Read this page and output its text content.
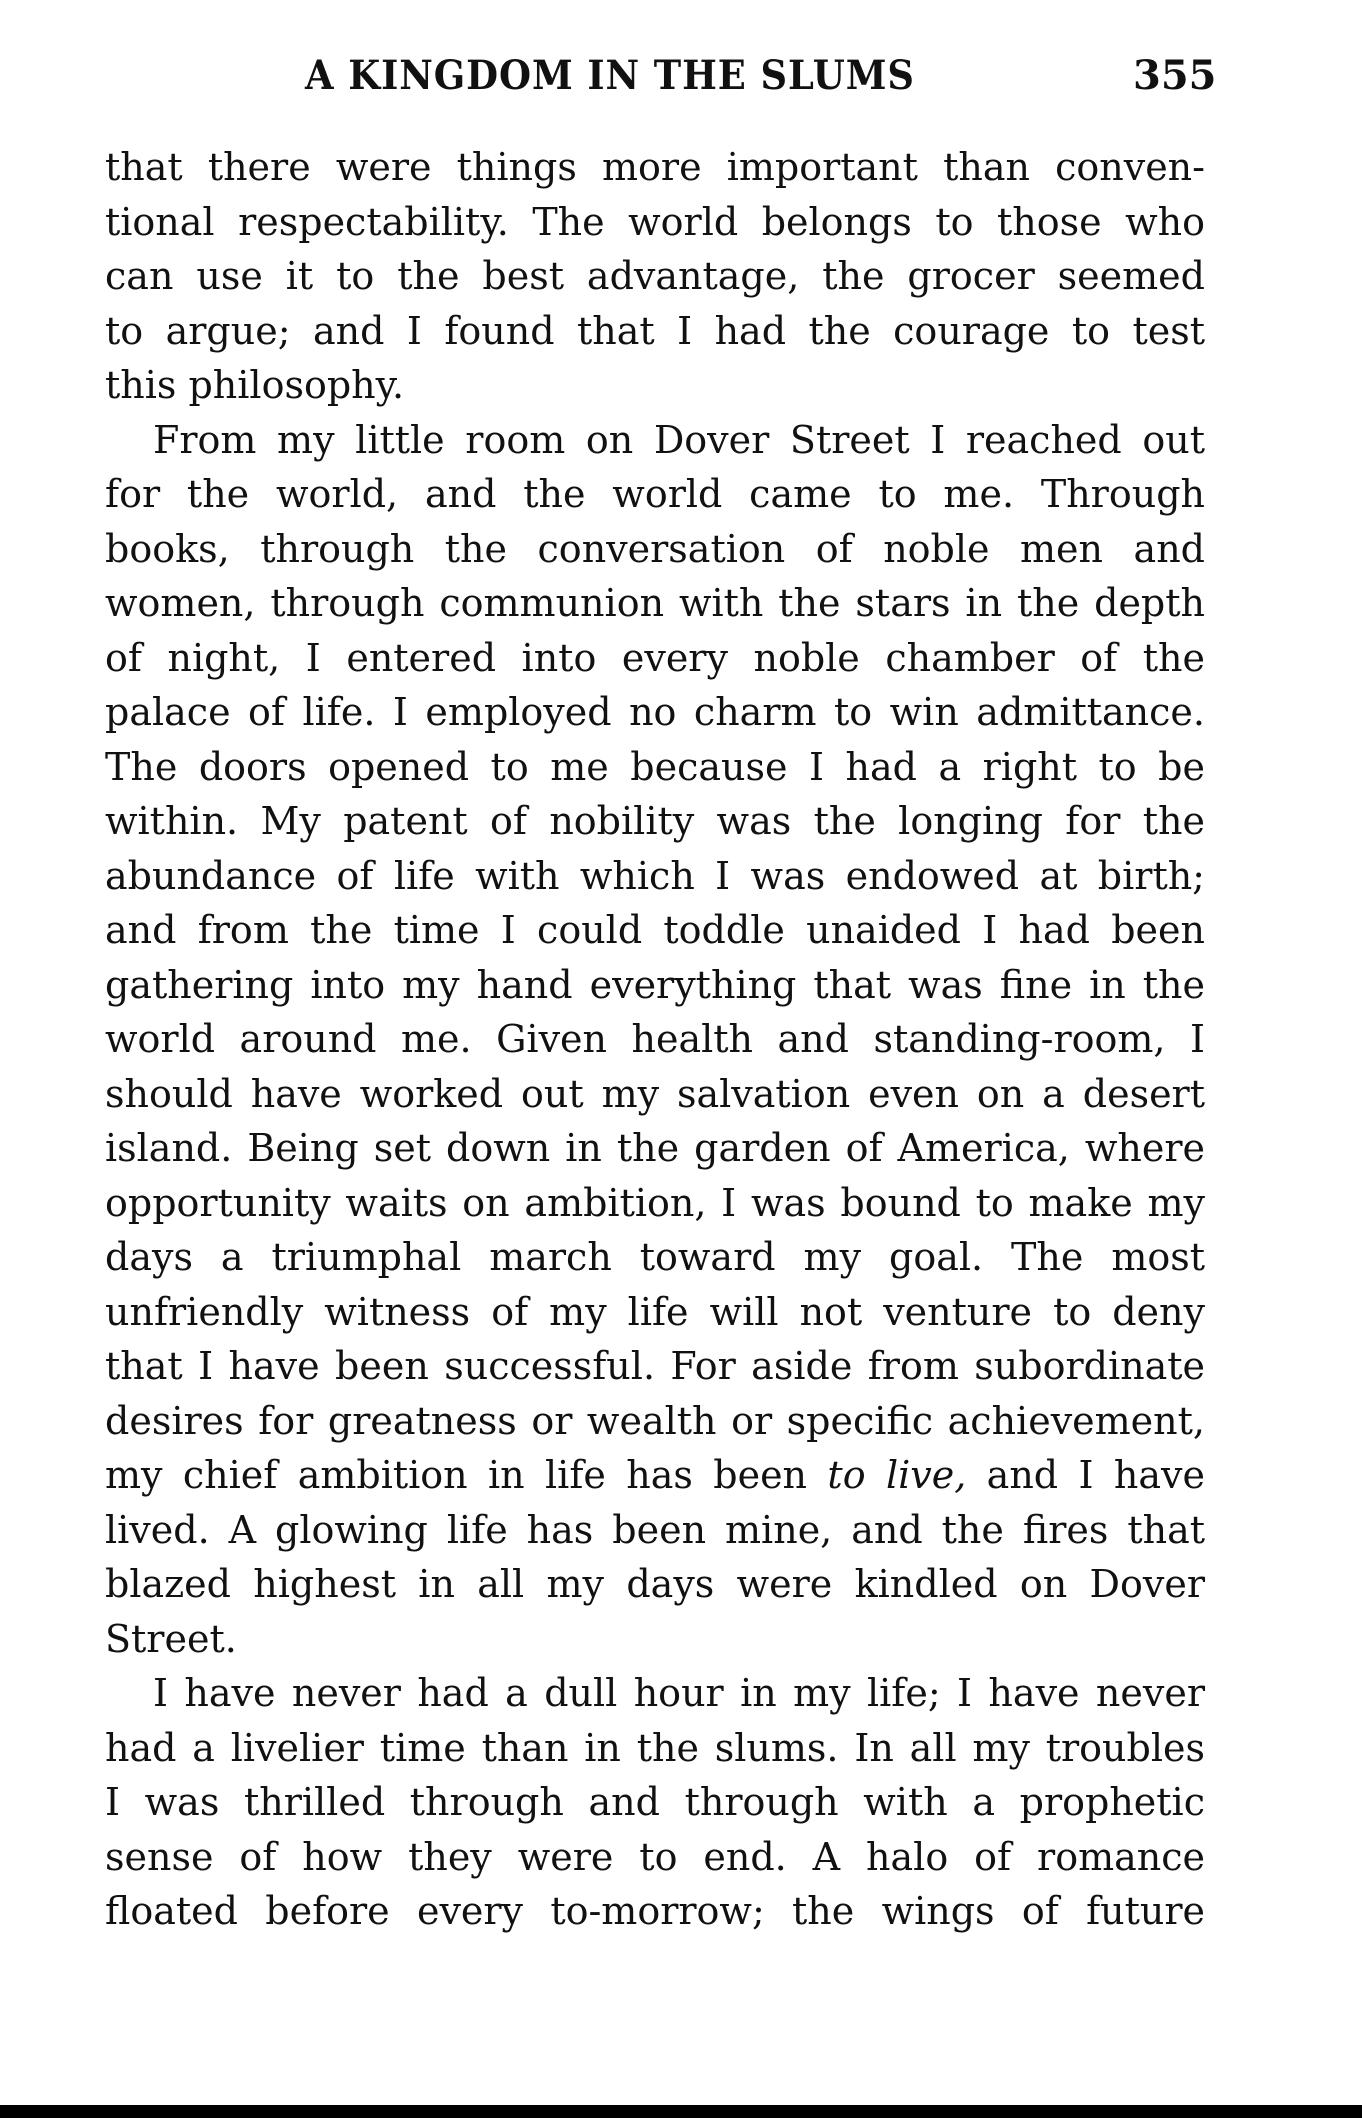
A KINGDOM IN THE SLUMS	355
that there were things more important than conven-
tional respectability. The world belongs to those who
can use it to the best advantage, the grocer seemed
to argue; and I found that I had the courage to test
this philosophy.
From my little room on Dover Street I reached out
for the world, and the world came to me. Through
books, through the conversation of noble men and
women, through communion with the stars in the depth
of night, I entered into every noble chamber of the
palace of life. I employed no charm to win admittance.
The doors opened to me because I had a right to be
within. My patent of nobility was the longing for the
abundance of life with which I was endowed at birth;
and from the time I could toddle unaided I had been
gathering into my hand everything that was fine in the
world around me. Given health and standing-room, I
should have worked out my salvation even on a desert
island. Being set down in the garden of America, where
opportunity waits on ambition, I was bound to make my
days a triumphal march toward my goal. The most
unfriendly witness of my life will not venture to deny
that I have been successful. For aside from subordinate
desires for greatness or wealth or specific achievement,
my chief ambition in life has been to live, and I have
lived. A glowing life has been mine, and the fires that
blazed highest in all my days were kindled on Dover
Street.
I have never had a dull hour in my life; I have never
had a livelier time than in the slums. In all my troubles
I was thrilled through and through with a prophetic
sense of how they were to end. A halo of romance
floated before every to-morrow; the wings of future
